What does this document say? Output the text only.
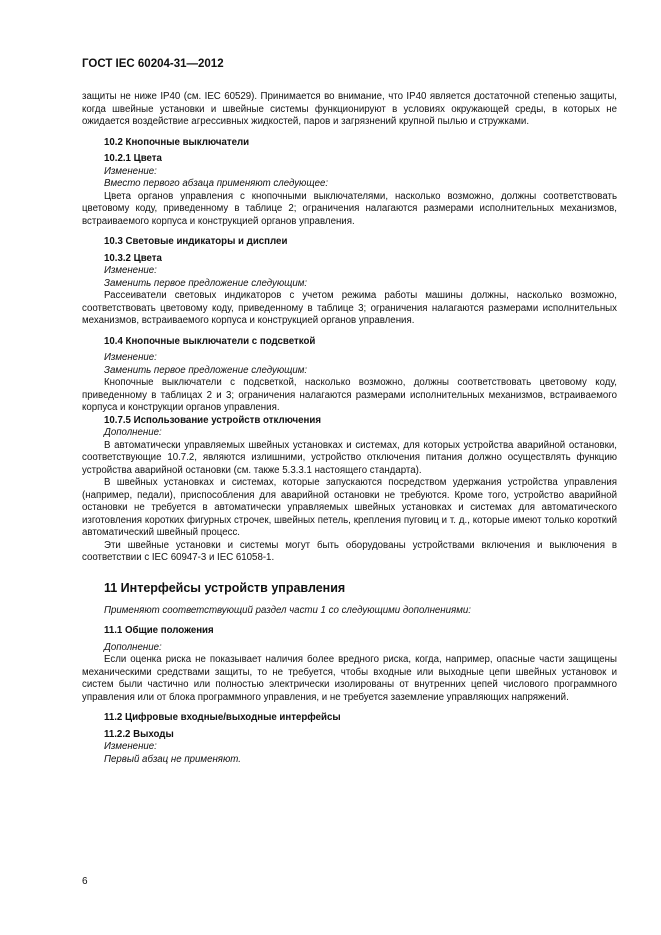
ГОСТ IEC 60204-31—2012

защиты не ниже IP40 (см. IEC 60529). Принимается во внимание, что IP40 является достаточной степенью защиты, когда швейные установки и швейные системы функционируют в условиях окружающей среды, в которых не ожидается воздействие агрессивных жидкостей, паров и загрязнений крупной пылью и стружками.

10.2 Кнопочные выключатели
10.2.1 Цвета

Изменение:

Вместо первого абзаца применяют следующее:

Цвета органов управления с кнопочными выключателями, насколько возможно, должны соответствовать цветовому коду, приведенному в таблице 2; ограничения налагаются размерами исполнительных механизмов, встраиваемого корпуса и конструкцией органов управления.

10.3 Световые индикаторы и дисплеи
10.3.2 Цвета

Изменение:

Заменить первое предложение следующим:

Рассеиватели световых индикаторов с учетом режима работы машины должны, насколько возможно, соответствовать цветовому коду, приведенному в таблице 3; ограничения налагаются размерами исполнительных механизмов, встраиваемого корпуса и конструкцией органов управления.

10.4 Кнопочные выключатели с подсветкой

Изменение:

Заменить первое предложение следующим:

Кнопочные выключатели с подсветкой, насколько возможно, должны соответствовать цветовому коду, приведенному в таблицах 2 и 3; ограничения налагаются размерами исполнительных механизмов, встраиваемого корпуса и конструкции органов управления.

10.7.5 Использование устройств отключения

Дополнение:

В автоматически управляемых швейных установках и системах, для которых устройства аварийной остановки, соответствующие 10.7.2, являются излишними, устройство отключения питания должно осуществлять функцию устройства аварийной остановки (см. также 5.3.3.1 настоящего стандарта).

В швейных установках и системах, которые запускаются посредством удержания устройства управления (например, педали), приспособления для аварийной остановки не требуются. Кроме того, устройство аварийной остановки не требуется в автоматически управляемых швейных установках и системах для автоматического изготовления коротких фигурных строчек, швейных петель, крепления пуговиц и т. д., которые имеют только короткий автоматический швейный процесс.

Эти швейные установки и системы могут быть оборудованы устройствами включения и выключения в соответствии с IEC 60947-3 и IEC 61058-1.

11 Интерфейсы устройств управления

Применяют соответствующий раздел части 1 со следующими дополнениями:

11.1 Общие положения

Дополнение:

Если оценка риска не показывает наличия более вредного риска, когда, например, опасные части защищены механическими средствами защиты, то не требуется, чтобы входные или выходные цепи швейных установок и систем были частично или полностью электрически изолированы от внутренних цепей числового программного управления или от блока программного управления, и не требуется заземление управляющих напряжений.

11.2 Цифровые входные/выходные интерфейсы
11.2.2 Выходы

Изменение:

Первый абзац не применяют.

6
